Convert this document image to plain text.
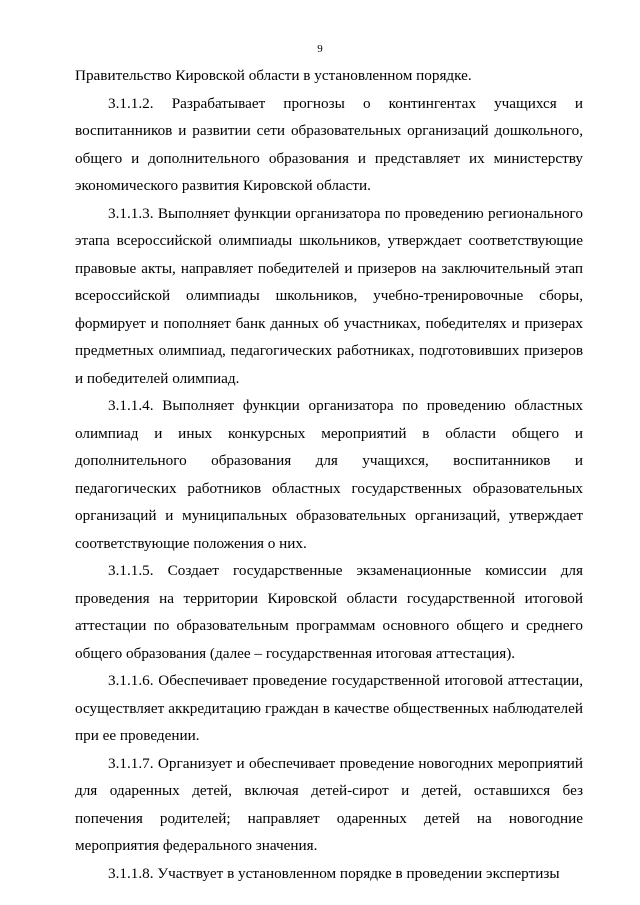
9

Правительство Кировской области в установленном порядке.

3.1.1.2. Разрабатывает прогнозы о контингентах учащихся и воспитанников и развитии сети образовательных организаций дошкольного, общего и дополнительного образования и представляет их министерству экономического развития Кировской области.

3.1.1.3. Выполняет функции организатора по проведению регионального этапа всероссийской олимпиады школьников, утверждает соответствующие правовые акты, направляет победителей и призеров на заключительный этап всероссийской олимпиады школьников, учебно-тренировочные сборы, формирует и пополняет банк данных об участниках, победителях и призерах предметных олимпиад, педагогических работниках, подготовивших призеров и победителей олимпиад.

3.1.1.4. Выполняет функции организатора по проведению областных олимпиад и иных конкурсных мероприятий в области общего и дополнительного образования для учащихся, воспитанников и педагогических работников областных государственных образовательных организаций и муниципальных образовательных организаций, утверждает соответствующие положения о них.

3.1.1.5. Создает государственные экзаменационные комиссии для проведения на территории Кировской области государственной итоговой аттестации по образовательным программам основного общего и среднего общего образования (далее – государственная итоговая аттестация).

3.1.1.6. Обеспечивает проведение государственной итоговой аттестации, осуществляет аккредитацию граждан в качестве общественных наблюдателей при ее проведении.

3.1.1.7. Организует и обеспечивает проведение новогодних мероприятий для одаренных детей, включая детей-сирот и детей, оставшихся без попечения родителей; направляет одаренных детей на новогодние мероприятия федерального значения.

3.1.1.8. Участвует в установленном порядке в проведении экспертизы
